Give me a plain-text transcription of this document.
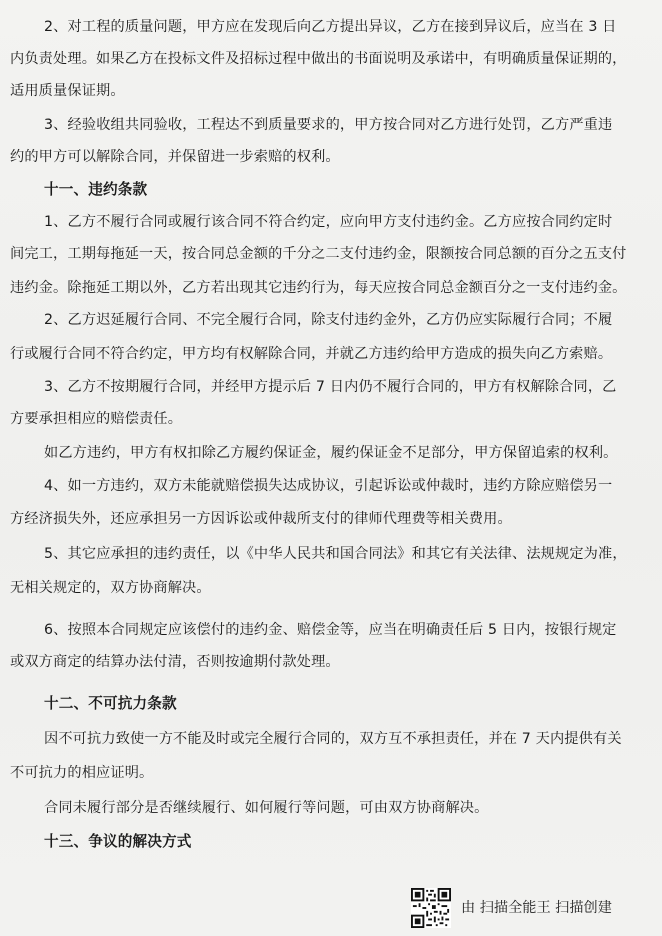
2、对工程的质量问题，甲方应在发现后向乙方提出异议，乙方在接到异议后，应当在 3 日
内负责处理。如果乙方在投标文件及招标过程中做出的书面说明及承诺中，有明确质量保证期的，
适用质量保证期。
3、经验收组共同验收，工程达不到质量要求的，甲方按合同对乙方进行处罚，乙方严重违
约的甲方可以解除合同，并保留进一步索赔的权利。
十一、违约条款
1、乙方不履行合同或履行该合同不符合约定，应向甲方支付违约金。乙方应按合同约定时
间完工，工期每拖延一天，按合同总金额的千分之二支付违约金，限额按合同总额的百分之五支付
违约金。除拖延工期以外，乙方若出现其它违约行为，每天应按合同总金额百分之一支付违约金。
2、乙方迟延履行合同、不完全履行合同，除支付违约金外，乙方仍应实际履行合同；不履
行或履行合同不符合约定，甲方均有权解除合同，并就乙方违约给甲方造成的损失向乙方索赔。
3、乙方不按期履行合同，并经甲方提示后 7 日内仍不履行合同的，甲方有权解除合同，乙
方要承担相应的赔偿责任。
如乙方违约，甲方有权扣除乙方履约保证金，履约保证金不足部分，甲方保留追索的权利。
4、如一方违约，双方未能就赔偿损失达成协议，引起诉讼或仲裁时，违约方除应赔偿另一
方经济损失外，还应承担另一方因诉讼或仲裁所支付的律师代理费等相关费用。
5、其它应承担的违约责任，以《中华人民共和国合同法》和其它有关法律、法规规定为准，
无相关规定的，双方协商解决。
6、按照本合同规定应该偿付的违约金、赔偿金等，应当在明确责任后 5 日内，按银行规定
或双方商定的结算办法付清，否则按逾期付款处理。
十二、不可抗力条款
因不可抗力致使一方不能及时或完全履行合同的，双方互不承担责任，并在 7 天内提供有关
不可抗力的相应证明。
合同未履行部分是否继续履行、如何履行等问题，可由双方协商解决。
十三、争议的解决方式
由 扫描全能王 扫描创建
